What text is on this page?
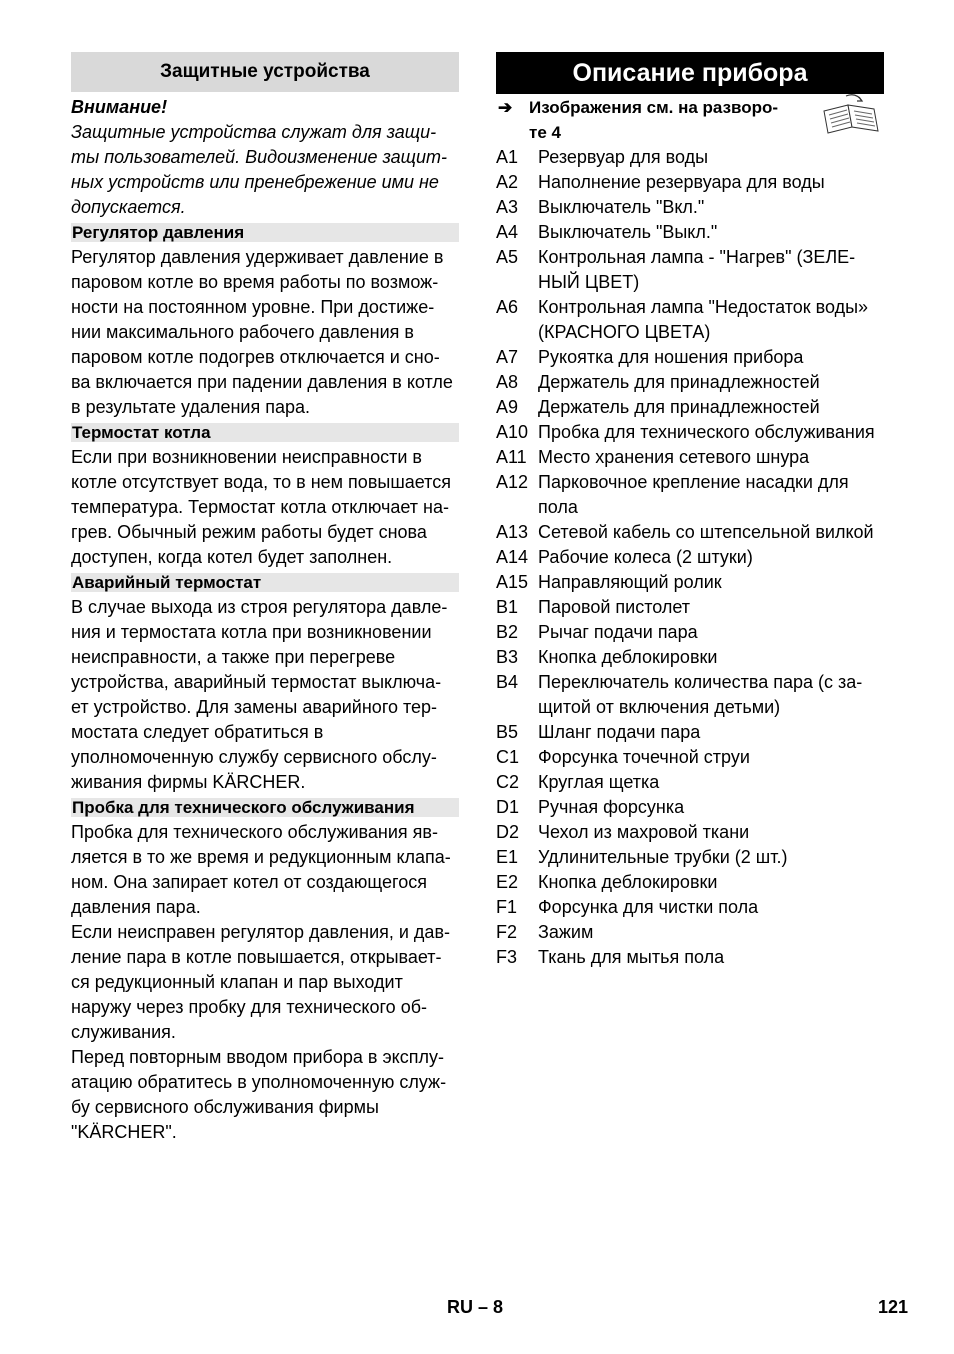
Защитные устройства
Внимание!
Защитные устройства служат для защи-
ты пользователей. Видоизменение защит-
ных устройств или пренебрежение ими не
допускается.
Регулятор давления
Регулятор давления удерживает давление в
паровом котле во время работы по возмож-
ности на постоянном уровне. При достиже-
нии максимального рабочего давления в
паровом котле подогрев отключается и сно-
ва включается при падении давления в котле
в результате удаления пара.
Термостат котла
Если при возникновении неисправности в
котле отсутствует вода, то в нем повышается
температура. Термостат котла отключает на-
грев. Обычный режим работы будет снова
доступен, когда котел будет заполнен.
Аварийный термостат
В случае выхода из строя регулятора давле-
ния и термостата котла при возникновении
неисправности, а также при перегреве
устройства, аварийный термостат выключа-
ет устройство. Для замены аварийного тер-
мостата следует обратиться в
уполномоченную службу сервисного обслу-
живания фирмы KÄRCHER.
Пробка для технического обслуживания
Пробка для технического обслуживания яв-
ляется в то же время и редукционным клапа-
ном. Она запирает котел от создающегося
давления пара.
Если неисправен регулятор давления, и дав-
ление пара в котле повышается, открывает-
ся редукционный клапан и пар выходит
наружу через пробку для технического об-
служивания.
Перед повторным вводом прибора в эксплу-
атацию обратитесь в уполномоченную служ-
бу сервисного обслуживания фирмы
"KÄRCHER".
Описание прибора
➔ Изображения см. на разворо-
те 4
A1	Резервуар для воды
A2	Наполнение резервуара для воды
A3	Выключатель "Вкл."
A4	Выключатель "Выкл."
A5	Контрольная лампа - "Нагрев" (ЗЕЛЕ-
НЫЙ ЦВЕТ)
A6	Контрольная лампа "Недостаток воды»
(КРАСНОГО ЦВЕТА)
A7	Рукоятка для ношения прибора
A8	Держатель для принадлежностей
A9	Держатель для принадлежностей
A10 Пробка для технического обслуживания
A11 Место хранения сетевого шнура
A12 Парковочное крепление насадки для
пола
A13 Сетевой кабель со штепсельной вилкой
A14 Рабочие колеса (2 штуки)
A15 Направляющий ролик
B1	Паровой пистолет
B2	Рычаг подачи пара
B3	Кнопка деблокировки
B4	Переключатель количества пара (с за-
щитой от включения детьми)
B5	Шланг подачи пара
C1	Форсунка точечной струи
C2	Круглая щетка
D1	Ручная форсунка
D2	Чехол из махровой ткани
E1	Удлинительные трубки (2 шт.)
E2	Кнопка деблокировки
F1	Форсунка для чистки пола
F2	Зажим
F3	Ткань для мытья пола
RU – 8	121
